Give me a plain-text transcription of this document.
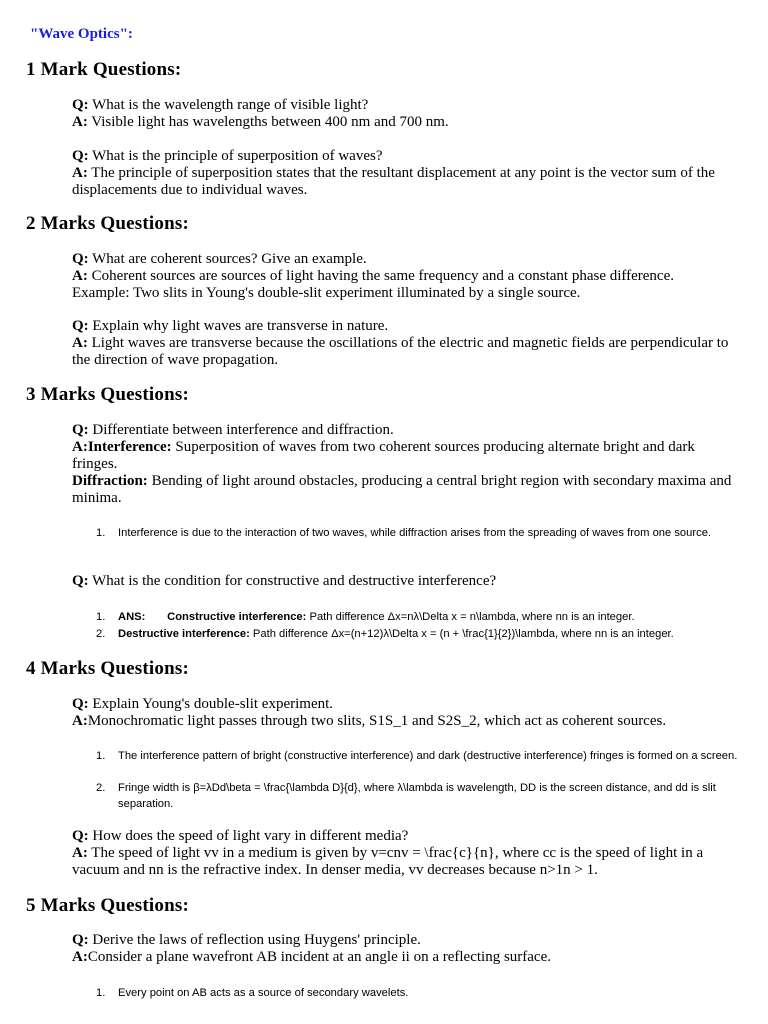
"Wave Optics":
1 Mark Questions:
Q: What is the wavelength range of visible light?
A: Visible light has wavelengths between 400 nm and 700 nm.
Q: What is the principle of superposition of waves?
A: The principle of superposition states that the resultant displacement at any point is the vector sum of the displacements due to individual waves.
2 Marks Questions:
Q: What are coherent sources? Give an example.
A: Coherent sources are sources of light having the same frequency and a constant phase difference.
Example: Two slits in Young's double-slit experiment illuminated by a single source.
Q: Explain why light waves are transverse in nature.
A: Light waves are transverse because the oscillations of the electric and magnetic fields are perpendicular to the direction of wave propagation.
3 Marks Questions:
Q: Differentiate between interference and diffraction.
A:Interference: Superposition of waves from two coherent sources producing alternate bright and dark fringes.
Diffraction: Bending of light around obstacles, producing a central bright region with secondary maxima and minima.
1.	Interference is due to the interaction of two waves, while diffraction arises from the spreading of waves from one source.
Q: What is the condition for constructive and destructive interference?
1.	ANS: Constructive interference: Path difference Δx=nλ\Delta x = n\lambda, where nn is an integer.
2.	Destructive interference: Path difference Δx=(n+12)λ\Delta x = (n + \frac{1}{2})\lambda, where nn is an integer.
4 Marks Questions:
Q: Explain Young's double-slit experiment.
A:Monochromatic light passes through two slits, S1S_1 and S2S_2, which act as coherent sources.
1.	The interference pattern of bright (constructive interference) and dark (destructive interference) fringes is formed on a screen.
2.	Fringe width is β=λDd\beta = \frac{\lambda D}{d}, where λ\lambda is wavelength, DD is the screen distance, and dd is slit separation.
Q: How does the speed of light vary in different media?
A: The speed of light vv in a medium is given by v=cnv = \frac{c}{n}, where cc is the speed of light in a vacuum and nn is the refractive index. In denser media, vv decreases because n>1n > 1.
5 Marks Questions:
Q: Derive the laws of reflection using Huygens' principle.
A:Consider a plane wavefront AB incident at an angle ii on a reflecting surface.
1.	Every point on AB acts as a source of secondary wavelets.
